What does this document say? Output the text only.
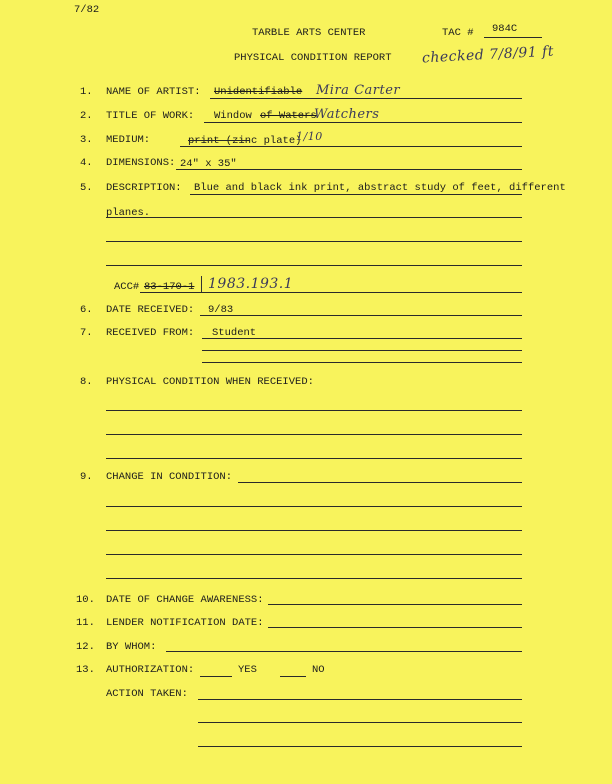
7/82
TARBLE ARTS CENTER	TAC # 984C
PHYSICAL CONDITION REPORT checked 7/8/91 ft
1. NAME OF ARTIST: Unidentifiable Mira Carter
2. TITLE OF WORK: Window of Waters
Watchers
3. MEDIUM:	print (zinc plate)
1/10
4. DIMENSIONS: 24" x 35"
5. DESCRIPTION: Blue and black ink print, abstract study of feet, different
planes.
ACC# 83-170-1 1983.193.1
6. DATE RECEIVED: 9/83
7. RECEIVED FROM: Student
8. PHYSICAL CONDITION WHEN RECEIVED:
9. CHANGE IN CONDITION:
10. DATE OF CHANGE AWARENESS:
11. LENDER NOTIFICATION DATE:
12. BY WHOM:
13. AUTHORIZATION:	YES	NO
ACTION TAKEN:
